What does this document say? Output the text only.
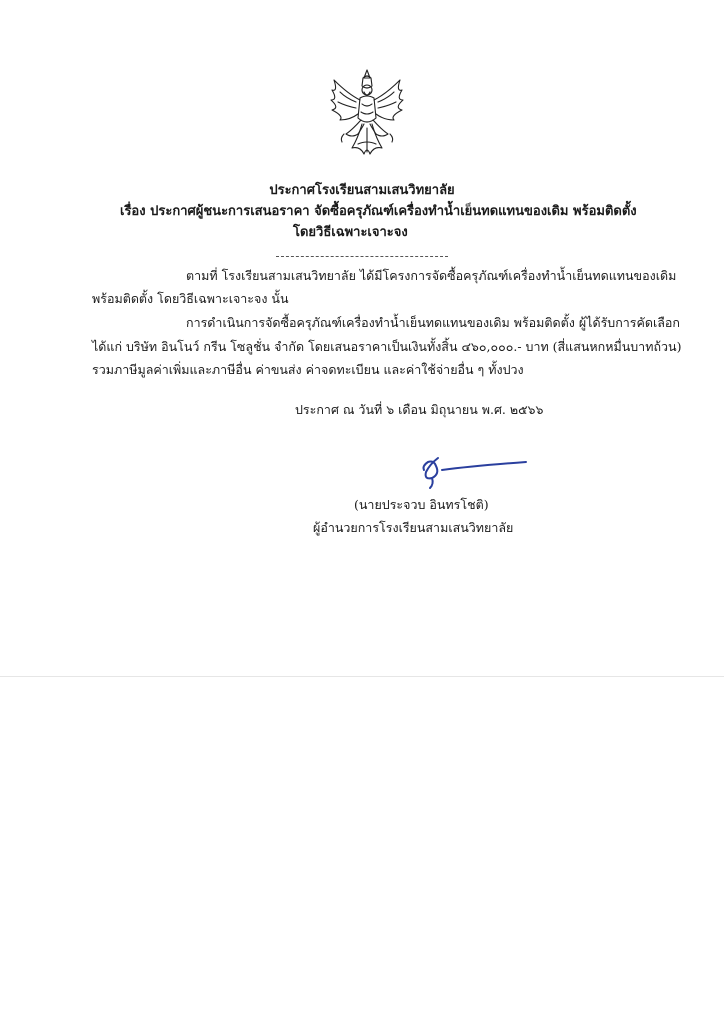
ประกาศโรงเรียนสามเสนวิทยาลัย
เรื่อง ประกาศผู้ชนะการเสนอราคา จัดซื้อครุภัณฑ์เครื่องทำน้ำเย็นทดแทนของเดิม พร้อมติดตั้ง
โดยวิธีเฉพาะเจาะจง
ตามที่ โรงเรียนสามเสนวิทยาลัย ได้มีโครงการจัดซื้อครุภัณฑ์เครื่องทำน้ำเย็นทดแทนของเดิม
พร้อมติดตั้ง โดยวิธีเฉพาะเจาะจง นั้น
การดำเนินการจัดซื้อครุภัณฑ์เครื่องทำน้ำเย็นทดแทนของเดิม พร้อมติดตั้ง ผู้ได้รับการคัดเลือก
ได้แก่ บริษัท อินโนว์ กรีน โซลูชั่น จำกัด โดยเสนอราคาเป็นเงินทั้งสิ้น ๔๖๐,๐๐๐.- บาท (สี่แสนหกหมื่นบาทถ้วน)
รวมภาษีมูลค่าเพิ่มและภาษีอื่น ค่าขนส่ง ค่าจดทะเบียน และค่าใช้จ่ายอื่น ๆ ทั้งปวง
ประกาศ ณ วันที่ ๖ เดือน มิถุนายน พ.ศ. ๒๕๖๖
(นายประจวบ อินทรโชติ)
ผู้อำนวยการโรงเรียนสามเสนวิทยาลัย
